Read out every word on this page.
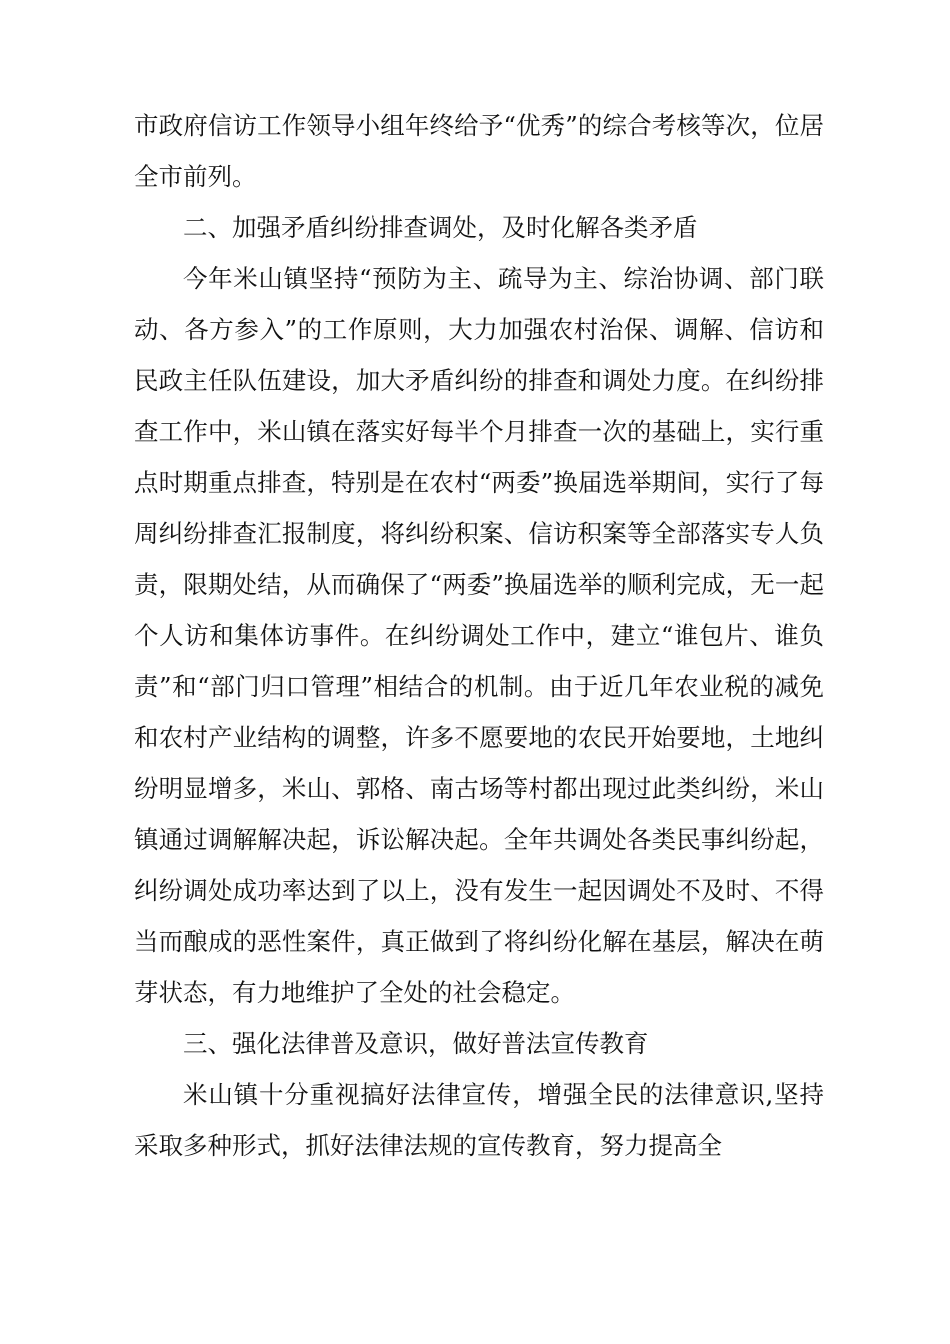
市政府信访工作领导小组年终给予“优秀”的综合考核等次，位居全市前列。

二、加强矛盾纠纷排查调处，及时化解各类矛盾

今年米山镇坚持“预防为主、疏导为主、综治协调、部门联动、各方参入”的工作原则，大力加强农村治保、调解、信访和民政主任队伍建设，加大矛盾纠纷的排查和调处力度。在纠纷排查工作中，米山镇在落实好每半个月排查一次的基础上，实行重点时期重点排查，特别是在农村“两委”换届选举期间，实行了每周纠纷排查汇报制度，将纠纷积案、信访积案等全部落实专人负责，限期处结，从而确保了“两委”换届选举的顺利完成，无一起个人访和集体访事件。在纠纷调处工作中，建立“谁包片、谁负责”和“部门归口管理”相结合的机制。由于近几年农业税的减免和农村产业结构的调整，许多不愿要地的农民开始要地，土地纠纷明显增多，米山、郭格、南古场等村都出现过此类纠纷，米山镇通过调解解决起，诉讼解决起。全年共调处各类民事纠纷起，纠纷调处成功率达到了以上，没有发生一起因调处不及时、不得当而酿成的恶性案件，真正做到了将纠纷化解在基层，解决在萌芽状态，有力地维护了全处的社会稳定。

三、强化法律普及意识，做好普法宣传教育

米山镇十分重视搞好法律宣传，增强全民的法律意识,坚持采取多种形式，抓好法律法规的宣传教育，努力提高全
